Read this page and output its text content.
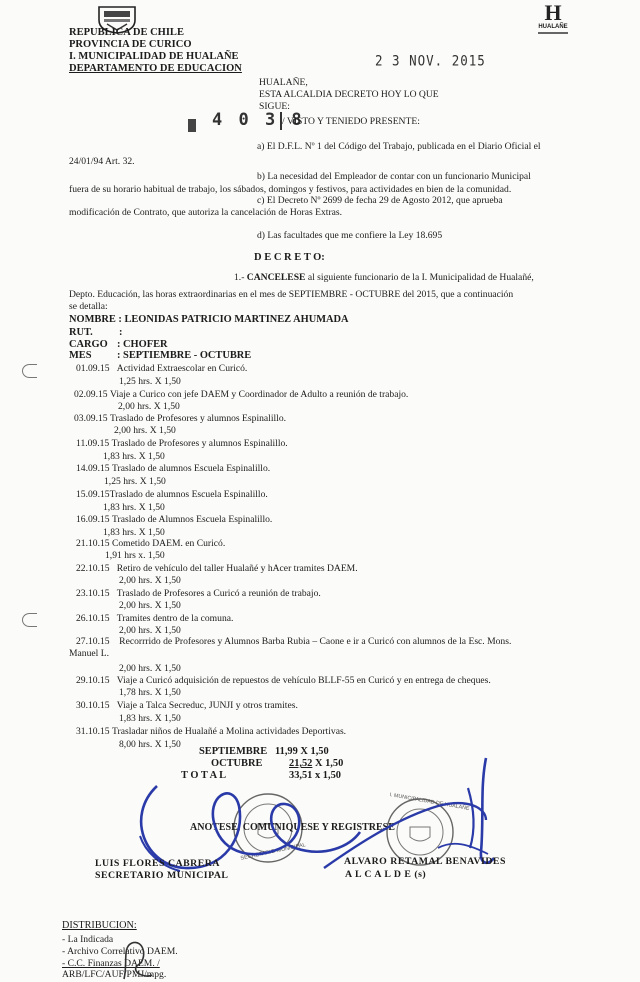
REPUBLICA DE CHILE
PROVINCIA DE CURICO
I. MUNICIPALIDAD DE HUALAÑE
DEPARTAMENTO DE EDUCACION
H
HUALAÑE
2 3 NOV. 2015
HUALAÑE,
ESTA ALCALDIA DECRETO HOY LO QUE
SIGUE:
4 0 3 8
/ VISTO Y TENIEDO PRESENTE:
a) El D.F.L. Nº 1 del Código del Trabajo, publicada en el Diario Oficial el
24/01/94 Art. 32.
b) La necesidad del Empleador de contar con un funcionario Municipal
fuera de su horario habitual de trabajo, los sábados, domingos y festivos, para actividades en bien de la comunidad.
c) El Decreto Nº 2699 de fecha 29 de Agosto 2012, que aprueba
modificación de Contrato, que autoriza la cancelación de Horas Extras.
d) Las facultades que me confiere la Ley 18.695
D E C R E T O:
1.- CANCELESE al siguiente funcionario de la I. Municipalidad de Hualañé,
Depto. Educación, las horas extraordinarias en el mes de SEPTIEMBRE - OCTUBRE del 2015, que a continuación
se detalla:
NOMBRE : LEONIDAS PATRICIO MARTINEZ AHUMADA
RUT.	:
CARGO : CHOFER
MES : SEPTIEMBRE - OCTUBRE
01.09.15 Actividad Extraescolar en Curicó.
1,25 hrs. X 1,50
02.09.15 Viaje a Curico con jefe DAEM y Coordinador de Adulto a reunión de trabajo.
2,00 hrs. X 1,50
03.09.15 Traslado de Profesores y alumnos Espinalillo.
2,00 hrs. X 1,50
11.09.15 Traslado de Profesores y alumnos Espinalillo.
1,83 hrs. X 1,50
14.09.15 Traslado de alumnos Escuela Espinalillo.
1,25 hrs. X 1,50
15.09.15Traslado de alumnos Escuela Espinalillo.
1,83 hrs. X 1,50
16.09.15 Traslado de Alumnos Escuela Espinalillo.
1,83 hrs. X 1,50
21.10.15 Cometido DAEM. en Curicó.
1,91 hrs x. 1,50
22.10.15 Retiro de vehículo del taller Hualañé y hAcer tramites DAEM.
2,00 hrs. X 1,50
23.10.15 Traslado de Profesores a Curicó a reunión de trabajo.
2,00 hrs. X 1,50
26.10.15 Tramites dentro de la comuna.
2,00 hrs. X 1,50
27.10.15 Recorrrido de Profesores y Alumnos Barba Rubia – Caone e ir a Curicó con alumnos de la Esc. Mons.
Manuel L.
2,00 hrs. X 1,50
29.10.15 Viaje a Curicó adquisición de repuestos de vehículo BLLF-55 en Curicó y en entrega de cheques.
1,78 hrs. X 1,50
30.10.15 Viaje a Talca Secreduc, JUNJI y otros tramites.
1,83 hrs. X 1,50
31.10.15 Trasladar niños de Hualañé a Molina actividades Deportivas.
8,00 hrs. X 1,50
SEPTIEMBRE 11,99 X 1,50
OCTUBRE	21,52 X 1,50
T O T A L	33,51 x 1,50
SECRETARIO MUNICIPAL
I. MUNICIPALIDAD DE HUALAÑE
ANOTESE, COMUNIQUESE Y REGISTRESE
LUIS FLORES CABRERA
SECRETARIO MUNICIPAL
ALVARO RETAMAL BENAVIDES
A L C A L D E (s)
DISTRIBUCION:
- La Indicada
- Archivo Correlativo DAEM.
- C.C. Finanzas DAEM. /
ARB/LFC/AUF/PMJ/mpg.
